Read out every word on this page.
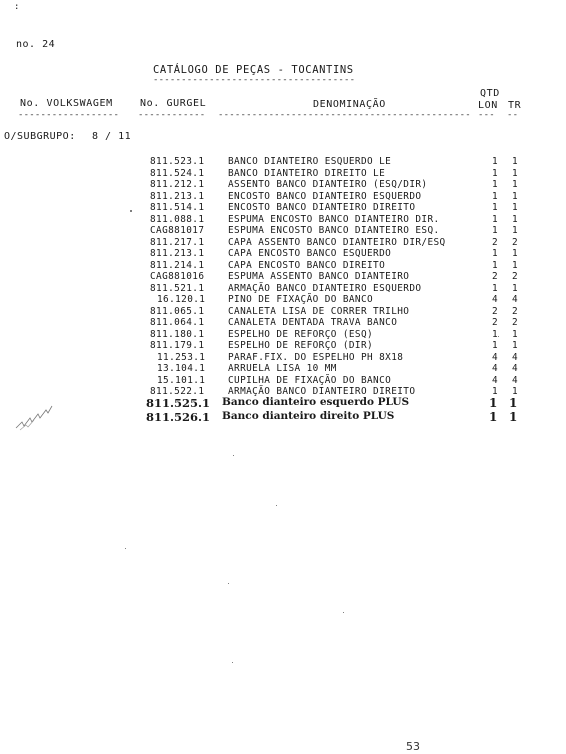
:
no. 24
CATÁLOGO DE PEÇAS - TOCANTINS
------------------------------------
QTD
No. VOLKSWAGEM	No. GURGEL	DENOMINAÇÃO	LON TR
------------------	------------	--------------------------------------------- ---	--
O/SUBGRUPO: 8 / 11
811.523.1	BANCO DIANTEIRO ESQUERDO LE	1 1
811.524.1	BANCO DIANTEIRO DIREITO LE	1 1
811.212.1	ASSENTO BANCO DIANTEIRO (ESQ/DIR)	1 1
811.213.1	ENCOSTO BANCO DIANTEIRO ESQUERDO	1 1
811.514.1	ENCOSTO BANCO DIANTEIRO DIREITO	1 1
811.088.1	ESPUMA ENCOSTO BANCO DIANTEIRO DIR.	1 1
CAG881017	ESPUMA ENCOSTO BANCO DIANTEIRO ESQ.	1 1
811.217.1	CAPA ASSENTO BANCO DIANTEIRO DIR/ESQ	2 2
811.213.1	CAPA ENCOSTO BANCO ESQUERDO	1 1
811.214.1	CAPA ENCOSTO BANCO DIREITO	1 1
CAG881016	ESPUMA ASSENTO BANCO DIANTEIRO	2 2
811.521.1	ARMAÇÃO BANCO DIANTEIRO ESQUERDO	1 1
16.120.1 PINO DE FIXAÇÃO DO BANCO	4 4
811.065.1	CANALETA LISA DE CORRER TRILHO	2 2
811.064.1	CANALETA DENTADA TRAVA BANCO	2 2
811.180.1	ESPELHO DE REFORÇO (ESQ)	1 1
811.179.1	ESPELHO DE REFORÇO (DIR)	1 1
11.253.1 PARAF.FIX. DO ESPELHO PH 8X18	4 4
13.104.1 ARRUELA LISA 10 MM	4 4
15.101.1 CUPILHA DE FIXAÇÃO DO BANCO	4 4
811.522.1	ARMAÇÃO BANCO DIANTEIRO DIREITO	1 1
811.525.1 Banco dianteiro esquerdo PLUS	1 1
811.526.1 Banco dianteiro direito PLUS	1 1
53
